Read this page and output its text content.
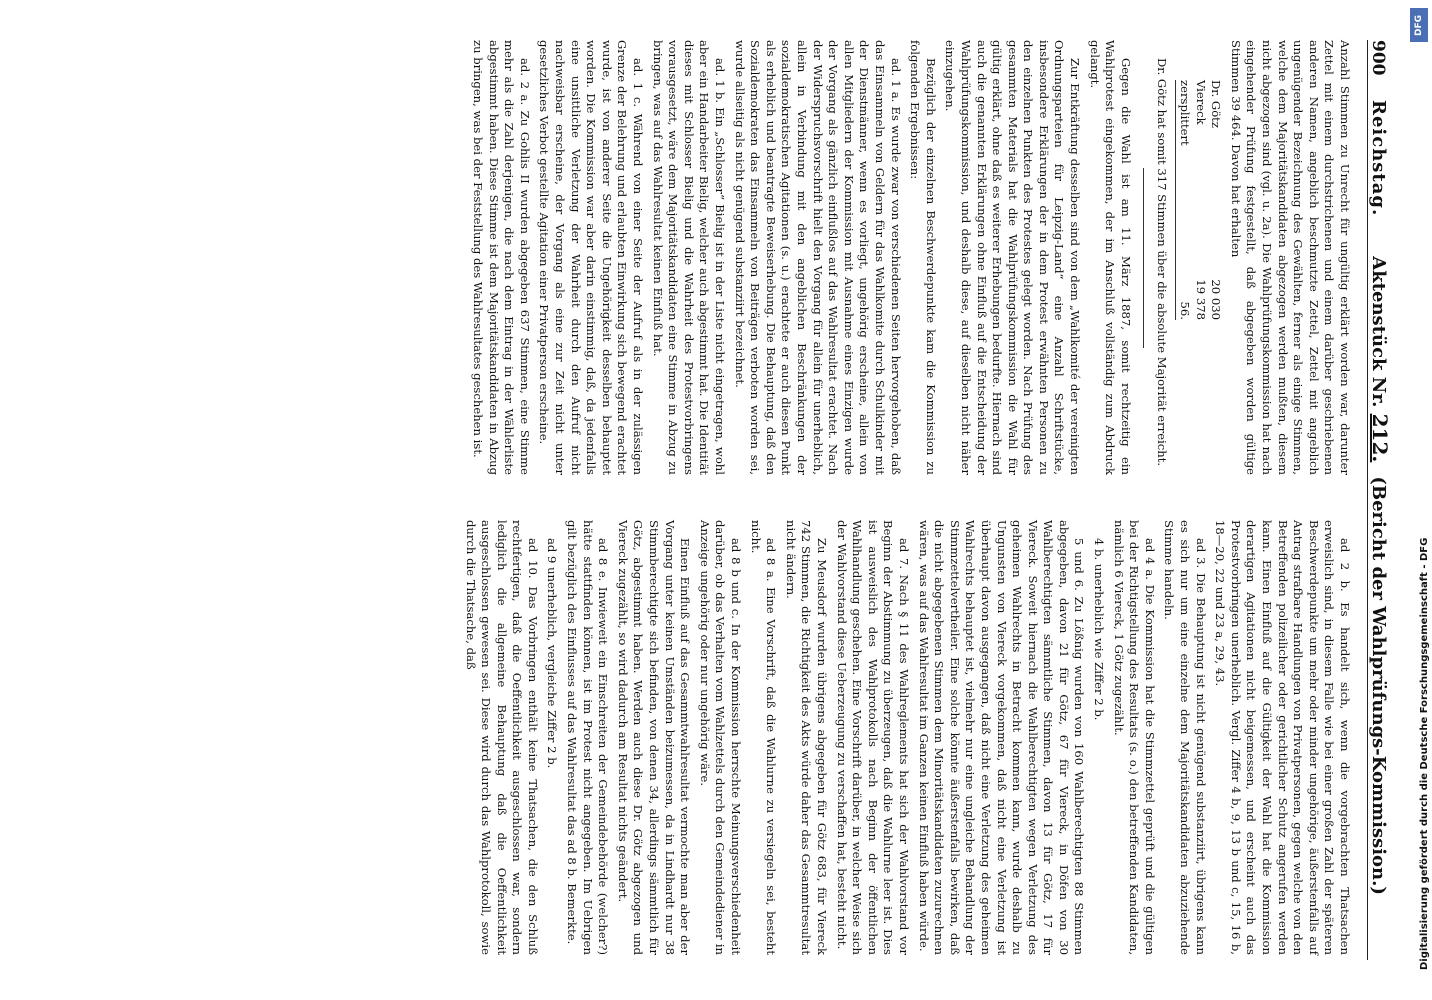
900
Reichstag.
Aktenstück Nr. 212.
(Bericht der Wahlprüfungs-Kommission.)

Anzahl Stimmen zu Unrecht für ungültig erklärt worden war, darunter Zettel mit einem durchstrichenen und einem darüber geschriebenen anderen Namen, angeblich beschmutzte Zettel, Zettel mit angeblich ungenügender Bezeichnung des Gewählten, ferner als einige Stimmen, welche dem Majoritätskandidaten abgezogen werden mußten, diesem nicht abgezogen sind (vgl. u. 2a). Die Wahlprüfungskommission hat nach eingehender Prüfung festgestellt, daß abgegeben worden gültige Stimmen 39 464. Davon hat erhalten

Dr. Götz
20 030
Viereck
19 378
zersplittert
56.

Dr. Götz hat somit 317 Stimmen über die absolute Majorität erreicht.

Gegen die Wahl ist am 11. März 1887, somit rechtzeitig ein Wahlprotest eingekommen, der im Anschluß vollständig zum Abdruck gelangt.

Zur Entkräftung desselben sind von dem „Wahlkomité der vereinigten Ordnungsparteien für Leipzig-Land“ eine Anzahl Schriftstücke, insbesondere Erklärungen der in dem Protest erwähnten Personen zu den einzelnen Punkten des Protestes gelegt worden. Nach Prüfung des gesammten Materials hat die Wahlprüfungskommission die Wahl für gültig erklärt, ohne daß es weiterer Erhebungen bedurfte. Hiernach sind auch die genannten Erklärungen ohne Einfluß auf die Entscheidung der Wahlprüfungskommission, und deshalb diese, auf dieselben nicht näher einzugehen.

Bezüglich der einzelnen Beschwerdepunkte kam die Kommission zu folgenden Ergebnissen:

ad. 1 a. Es wurde zwar von verschiedenen Seiten hervorgehoben, daß das Einsammeln von Geldern für das Wahlkomite durch Schulkinder mit der Dienstmänner, wenn es vorliegt, ungehörig erscheine, allein von allen Mitgliedern der Kommission mit Ausnahme eines Einzigen wurde der Vorgang als gänzlich einflußlos auf das Wahlresultat erachtet. Nach der Widerspruchsvorschrift hielt den Vorgang für allein für unerheblich, allein in Verbindung mit den angeblichen Beschränkungen der sozialdemokratischen Agitationen (s. u.) erachtete er auch diesen Punkt als erheblich und beantragte Beweiserhebung. Die Behauptung, daß den Sozialdemokraten das Einsammeln von Beiträgen verboten worden sei, wurde allseitig als nicht genügend substanziirt bezeichnet.

ad. 1 b. Ein „Schlosser“ Bielig ist in der Liste nicht eingetragen, wohl aber ein Handarbeiter Bielig, welcher auch abgestimmt hat. Die Identität dieses mit Schlosser Bielig und die Wahrheit des Protestvorbringens vorausgesetzt, wäre dem Majoritätskandidaten eine Stimme in Abzug zu bringen, was auf das Wahlresultat keinen Einfluß hat.

ad. 1 c. Während von einer Seite der Aufruf als in der zulässigen Grenze der Belehrung und erlaubten Einwirkung sich bewegend erachtet wurde, ist von anderer Seite die Ungehörigkeit desselben behauptet worden. Die Kommission war aber darin einstimmig, daß, da jedenfalls eine unsittliche Verletzung der Wahrheit durch den Aufruf nicht nachweisbar erscheine, der Vorgang als eine zur Zeit nicht unter gesetzliches Verbot gestellte Agitation einer Privatperson erscheine.

ad. 2 a. Zu Gohlis II wurden abgegeben 637 Stimmen, eine Stimme mehr als die Zahl derjenigen, die nach dem Eintrag in der Wählerliste abgestimmt haben. Diese Stimme ist dem Majoritätskandidaten in Abzug zu bringen, was bei der Feststellung des Wahlresultates geschehen ist.

ad 2 b. Es handelt sich, wenn die vorgebrachten Thatsachen erweislich sind, in diesem Falle wie bei einer großen Zahl der späteren Beschwerdepunkte um mehr oder minder ungehörige, äußerstenfalls auf Antrag strafbare Handlungen von Privatpersonen, gegen welche von den Betreffenden polizeilicher oder gerichtlicher Schutz angerufen werden kann. Einen Einfluß auf die Gültigkeit der Wahl hat die Kommission derartigen Agitationen nicht beigemessen, und erscheint auch das Protestvorbringen unerheblich. Vergl. Ziffer 4 b, 9, 13 b und c, 15, 16 b, 18—20, 22 und 23 a, 29, 43.

ad 3. Die Behauptung ist nicht genügend substanziirt, übrigens kann es sich nur um eine einzelne dem Majoritätskandidaten abzuziehende Stimme handeln.

ad 4 a. Die Kommission hat die Stimmzettel geprüft und die gültigen bei der Richtigstellung des Resultats (s. o.) den betreffenden Kandidaten, nämlich 6 Viereck, 1 Götz zugezählt.

4 b. unerheblich wie Ziffer 2 b.

5 und 6. Zu Lößnig wurden von 160 Wahlberechtigten 88 Stimmen abgegeben, davon 21 für Götz, 67 für Viereck, in Döfen von 30 Wahlberechtigten sämmtliche Stimmen, davon 13 für Götz, 17 für Viereck. Soweit hiernach die Wahlberechtigten wegen Verletzung des geheimen Wahlrechts in Betracht kommen kann, wurde deshalb zu Ungunsten von Viereck vorgekommen, daß nicht eine Verletzung ist überhaupt davon ausgegangen, daß nicht eine Verletzung des geheimen Wahlrechts behauptet ist, vielmehr nur eine ungleiche Behandlung der Stimmzettelvertheiler. Eine solche könnte äußerstenfalls bewirken, daß die nicht abgegebenen Stimmen dem Minoritätskandidaten zuzurechnen wären, was auf das Wahlresultat im Ganzen keinen Einfluß haben würde.

ad 7. Nach § 11 des Wahlreglements hat sich der Wahlvorstand vor Beginn der Abstimmung zu überzeugen, daß die Wahlurne leer ist. Dies ist ausweislich des Wahlprotokolls nach Beginn der öffentlichen Wahlhandlung geschehen. Eine Vorschrift darüber, in welcher Weise sich der Wahlvorstand diese Ueberzeugung zu verschaffen hat, besteht nicht.

Zu Meusdorf wurden übrigens abgegeben für Götz 683, für Viereck 742 Stimmen, die Richtigkeit des Akts würde daher das Gesammtresultat nicht ändern.

ad 8 a. Eine Vorschrift, daß die Wahlurne zu versiegeln sei, besteht nicht.

ad 8 b und c. In der Kommission herrschte Meinungsverschiedenheit darüber, ob das Verhalten vom Wahlzettels durch den Gemeindediener in Anzeige ungehörig oder nur ungehörig wäre.

Einen Einfluß auf das Gesammtwahlresultat vermochte man aber der Vorgang unter keinen Umständen beizumessen, da in Lindhardt nur 38 Stimmberechtigte sich befinden, von denen 34, allerdings sämmtlich für Götz, abgestimmt haben. Werden auch diese Dr. Götz abgezogen und Viereck zugezählt, so wird dadurch am Resultat nichts geändert.

ad 8 e. Inwieweit ein Einschreiten der Gemeindebehörde (welcher?) hätte stattfinden können, ist im Protest nicht angegeben. Im Uebrigen gilt bezüglich des Einflusses auf das Wahlresultat das ad 8 b. Bemerkte.

ad 9 unerheblich, vergleiche Ziffer 2 b.

ad 10. Das Vorbringen enthält keine Thatsachen, die den Schluß rechtfertigen, daß die Oeffentlichkeit ausgeschlossen war, sondern lediglich die allgemeine Behauptung daß die Oeffentlichkeit ausgeschlossen gewesen sei. Diese wird durch das Wahlprotokoll, sowie durch die Thatsache, daß

DFG
Digitalisierung gefördert durch die Deutsche Forschungsgemeinschaft - DFG
